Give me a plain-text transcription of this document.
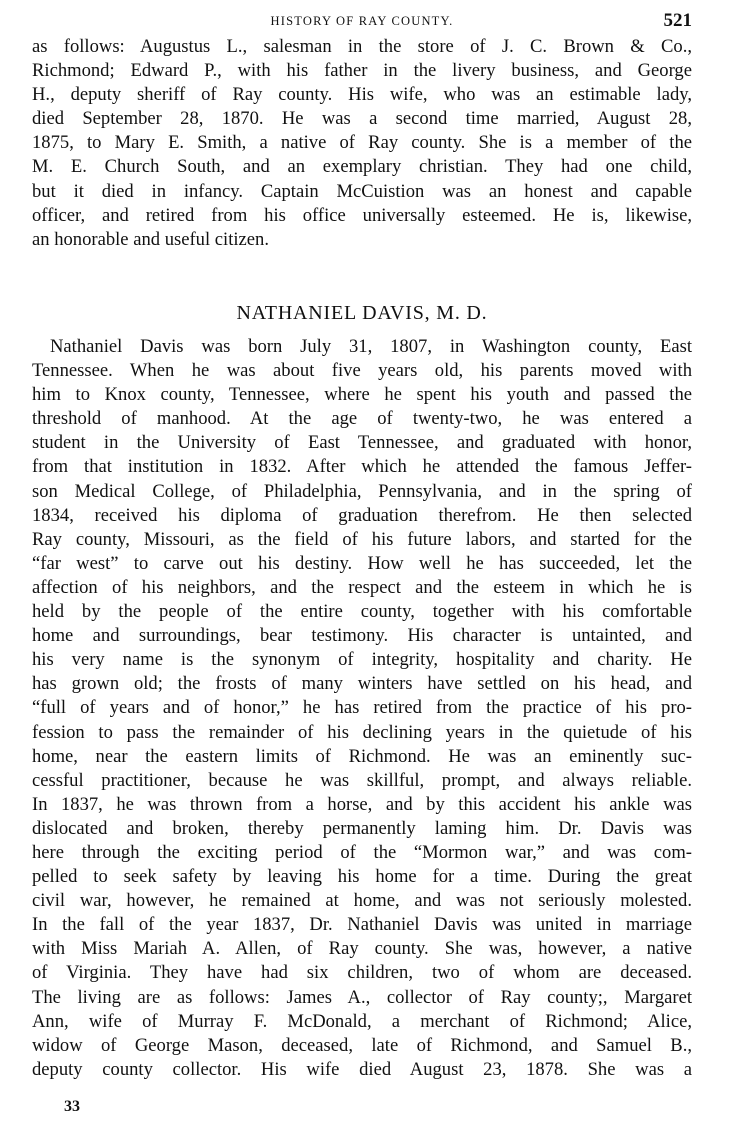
HISTORY OF RAY COUNTY.	521
as follows: Augustus L., salesman in the store of J. C. Brown & Co.,
Richmond; Edward P., with his father in the livery business, and George
H., deputy sheriff of Ray county. His wife, who was an estimable lady,
died September 28, 1870. He was a second time married, August 28,
1875, to Mary E. Smith, a native of Ray county. She is a member of the
M. E. Church South, and an exemplary christian. They had one child,
but it died in infancy. Captain McCuistion was an honest and capable
officer, and retired from his office universally esteemed. He is, likewise,
an honorable and useful citizen.
NATHANIEL DAVIS, M. D.
Nathaniel Davis was born July 31, 1807, in Washington county, East
Tennessee. When he was about five years old, his parents moved with
him to Knox county, Tennessee, where he spent his youth and passed the
threshold of manhood. At the age of twenty-two, he was entered a
student in the University of East Tennessee, and graduated with honor,
from that institution in 1832. After which he attended the famous Jeffer-
son Medical College, of Philadelphia, Pennsylvania, and in the spring of
1834, received his diploma of graduation therefrom. He then selected
Ray county, Missouri, as the field of his future labors, and started for the
“far west” to carve out his destiny. How well he has succeeded, let the
affection of his neighbors, and the respect and the esteem in which he is
held by the people of the entire county, together with his comfortable
home and surroundings, bear testimony. His character is untainted, and
his very name is the synonym of integrity, hospitality and charity. He
has grown old; the frosts of many winters have settled on his head, and
“full of years and of honor,” he has retired from the practice of his pro-
fession to pass the remainder of his declining years in the quietude of his
home, near the eastern limits of Richmond. He was an eminently suc-
cessful practitioner, because he was skillful, prompt, and always reliable.
In 1837, he was thrown from a horse, and by this accident his ankle was
dislocated and broken, thereby permanently laming him. Dr. Davis was
here through the exciting period of the “Mormon war,” and was com-
pelled to seek safety by leaving his home for a time. During the great
civil war, however, he remained at home, and was not seriously molested.
In the fall of the year 1837, Dr. Nathaniel Davis was united in marriage
with Miss Mariah A. Allen, of Ray county. She was, however, a native
of Virginia. They have had six children, two of whom are deceased.
The living are as follows: James A., collector of Ray county;, Margaret
Ann, wife of Murray F. McDonald, a merchant of Richmond; Alice,
widow of George Mason, deceased, late of Richmond, and Samuel B.,
deputy county collector. His wife died August 23, 1878. She was a
33
